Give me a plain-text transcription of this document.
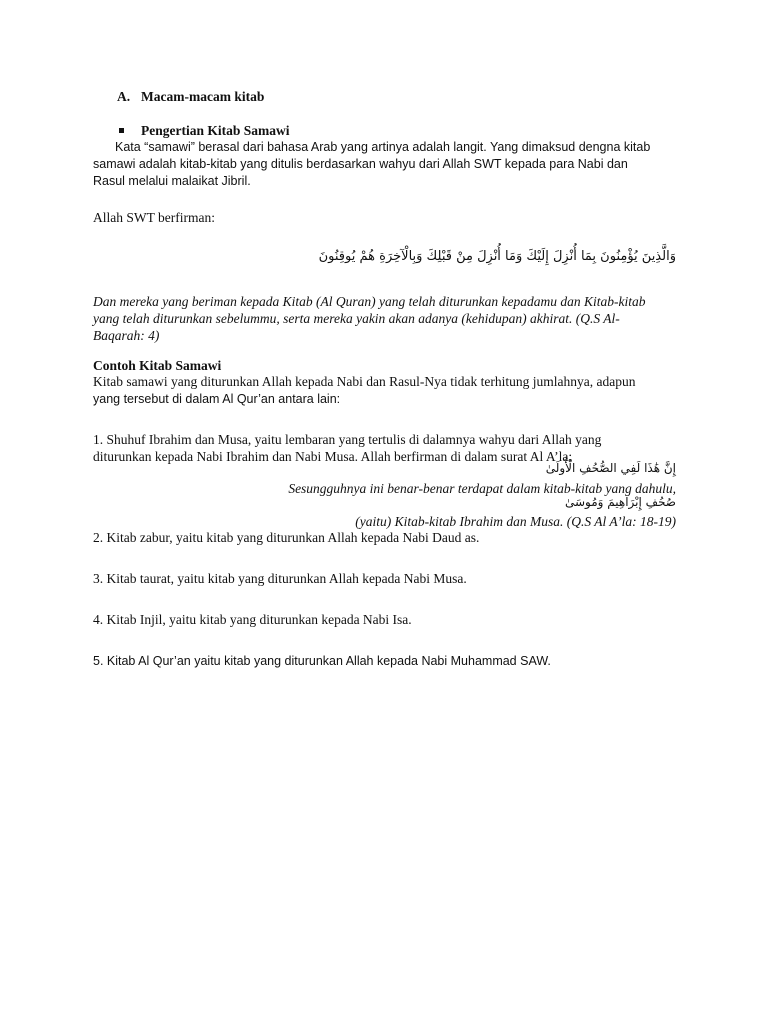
A. Macam-macam kitab
Pengertian Kitab Samawi

Kata “samawi” berasal dari bahasa Arab yang artinya adalah langit. Yang dimaksud dengna kitab

samawi adalah kitab-kitab yang ditulis berdasarkan wahyu dari Allah SWT kepada para Nabi dan

Rasul melalui malaikat Jibril.

Allah SWT berfirman:

وَالَّذِينَ يُؤْمِنُونَ بِمَا أُنْزِلَ إِلَيْكَ وَمَا أُنْزِلَ مِنْ قَبْلِكَ وَبِالْآخِرَةِ هُمْ يُوقِنُونَ

Dan mereka yang beriman kepada Kitab (Al Quran) yang telah diturunkan kepadamu dan Kitab-kitab

yang telah diturunkan sebelummu, serta mereka yakin akan adanya (kehidupan) akhirat. (Q.S Al-

Baqarah: 4)

Contoh Kitab Samawi

Kitab samawi yang diturunkan Allah kepada Nabi dan Rasul-Nya tidak terhitung jumlahnya, adapun

yang tersebut di dalam Al Qur’an antara lain:

1. Shuhuf Ibrahim dan Musa, yaitu lembaran yang tertulis di dalamnya wahyu dari Allah yang

diturunkan kepada Nabi Ibrahim dan Nabi Musa. Allah berfirman di dalam surat Al A’la:

إِنَّ هَٰذَا لَفِي الصُّحُفِ الْأُولَىٰ

Sesungguhnya ini benar-benar terdapat dalam kitab-kitab yang dahulu,

صُحُفِ إِبْرَاهِيمَ وَمُوسَىٰ

(yaitu) Kitab-kitab Ibrahim dan Musa. (Q.S Al A’la: 18-19)

2. Kitab zabur, yaitu kitab yang diturunkan Allah kepada Nabi Daud as.

3. Kitab taurat, yaitu kitab yang diturunkan Allah kepada Nabi Musa.

4. Kitab Injil, yaitu kitab yang diturunkan kepada Nabi Isa.

5. Kitab Al Qur’an yaitu kitab yang diturunkan Allah kepada Nabi Muhammad SAW.
